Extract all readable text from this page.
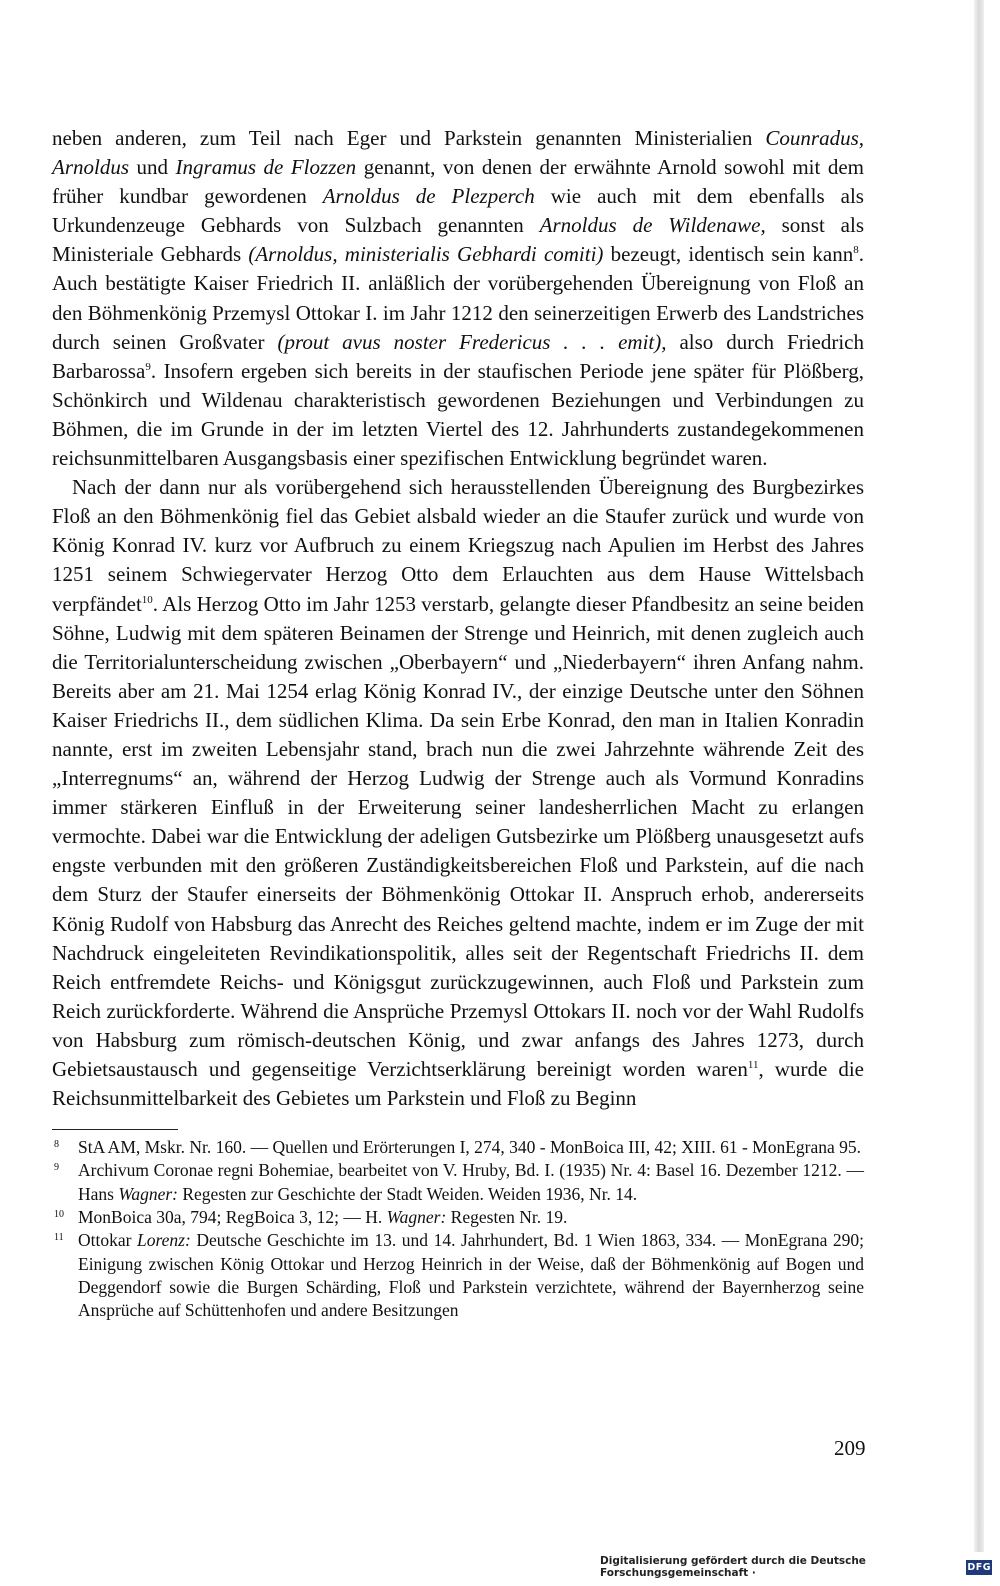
neben anderen, zum Teil nach Eger und Parkstein genannten Ministerialien Counradus, Arnoldus und Ingramus de Flozzen genannt, von denen der erwähnte Arnold sowohl mit dem früher kundbar gewordenen Arnoldus de Plezperch wie auch mit dem ebenfalls als Urkundenzeuge Gebhards von Sulzbach genannten Arnoldus de Wildenawe, sonst als Ministeriale Gebhards (Arnoldus, ministerialis Gebhardi comiti) bezeugt, identisch sein kann$^8$. Auch bestätigte Kaiser Friedrich II. anläßlich der vorübergehenden Übereignung von Floß an den Böhmenkönig Przemysl Ottokar I. im Jahr 1212 den seinerzeitigen Erwerb des Landstriches durch seinen Großvater (prout avus noster Fredericus . . . emit), also durch Friedrich Barbarossa$^9$. Insofern ergeben sich bereits in der staufischen Periode jene später für Plößberg, Schönkirch und Wildenau charakteristisch gewordenen Beziehungen und Verbindungen zu Böhmen, die im Grunde in der im letzten Viertel des 12. Jahrhunderts zustandegekommenen reichsunmittelbaren Ausgangsbasis einer spezifischen Entwicklung begründet waren.

Nach der dann nur als vorübergehend sich herausstellenden Übereignung des Burgbezirkes Floß an den Böhmenkönig fiel das Gebiet alsbald wieder an die Staufer zurück und wurde von König Konrad IV. kurz vor Aufbruch zu einem Kriegszug nach Apulien im Herbst des Jahres 1251 seinem Schwiegervater Herzog Otto dem Erlauchten aus dem Hause Wittelsbach verpfändet$^{10}$. Als Herzog Otto im Jahr 1253 verstarb, gelangte dieser Pfandbesitz an seine beiden Söhne, Ludwig mit dem späteren Beinamen der Strenge und Heinrich, mit denen zugleich auch die Territorialunterscheidung zwischen „Oberbayern“ und „Niederbayern“ ihren Anfang nahm. Bereits aber am 21. Mai 1254 erlag König Konrad IV., der einzige Deutsche unter den Söhnen Kaiser Friedrichs II., dem südlichen Klima. Da sein Erbe Konrad, den man in Italien Konradin nannte, erst im zweiten Lebensjahr stand, brach nun die zwei Jahrzehnte währende Zeit des „Interregnums“ an, während der Herzog Ludwig der Strenge auch als Vormund Konradins immer stärkeren Einfluß in der Erweiterung seiner landesherrlichen Macht zu erlangen vermochte. Dabei war die Entwicklung der adeligen Gutsbezirke um Plößberg unausgesetzt aufs engste verbunden mit den größeren Zuständigkeitsbereichen Floß und Parkstein, auf die nach dem Sturz der Staufer einerseits der Böhmenkönig Ottokar II. Anspruch erhob, andererseits König Rudolf von Habsburg das Anrecht des Reiches geltend machte, indem er im Zuge der mit Nachdruck eingeleiteten Revindikationspolitik, alles seit der Regentschaft Friedrichs II. dem Reich entfremdete Reichs- und Königsgut zurückzugewinnen, auch Floß und Parkstein zum Reich zurückforderte. Während die Ansprüche Przemysl Ottokars II. noch vor der Wahl Rudolfs von Habsburg zum römisch-deutschen König, und zwar anfangs des Jahres 1273, durch Gebietsaustausch und gegenseitige Verzichtserklärung bereinigt worden waren$^{11}$, wurde die Reichsunmittelbarkeit des Gebietes um Parkstein und Floß zu Beginn

8 StA AM, Mskr. Nr. 160. — Quellen und Erörterungen I, 274, 340 - MonBoica III, 42; XIII. 61 - MonEgrana 95.
9 Archivum Coronae regni Bohemiae, bearbeitet von V. Hruby, Bd. I. (1935) Nr. 4: Basel 16. Dezember 1212. — Hans Wagner: Regesten zur Geschichte der Stadt Weiden. Weiden 1936, Nr. 14.
10 MonBoica 30a, 794; RegBoica 3, 12; — H. Wagner: Regesten Nr. 19.
11 Ottokar Lorenz: Deutsche Geschichte im 13. und 14. Jahrhundert, Bd. 1 Wien 1863, 334. — MonEgrana 290; Einigung zwischen König Ottokar und Herzog Heinrich in der Weise, daß der Böhmenkönig auf Bogen und Deggendorf sowie die Burgen Schärding, Floß und Parkstein verzichtete, während der Bayernherzog seine Ansprüche auf Schüttenhofen und andere Besitzungen
209
Digitalisierung gefördert durch die Deutsche Forschungsgemeinschaft ·	DFG
